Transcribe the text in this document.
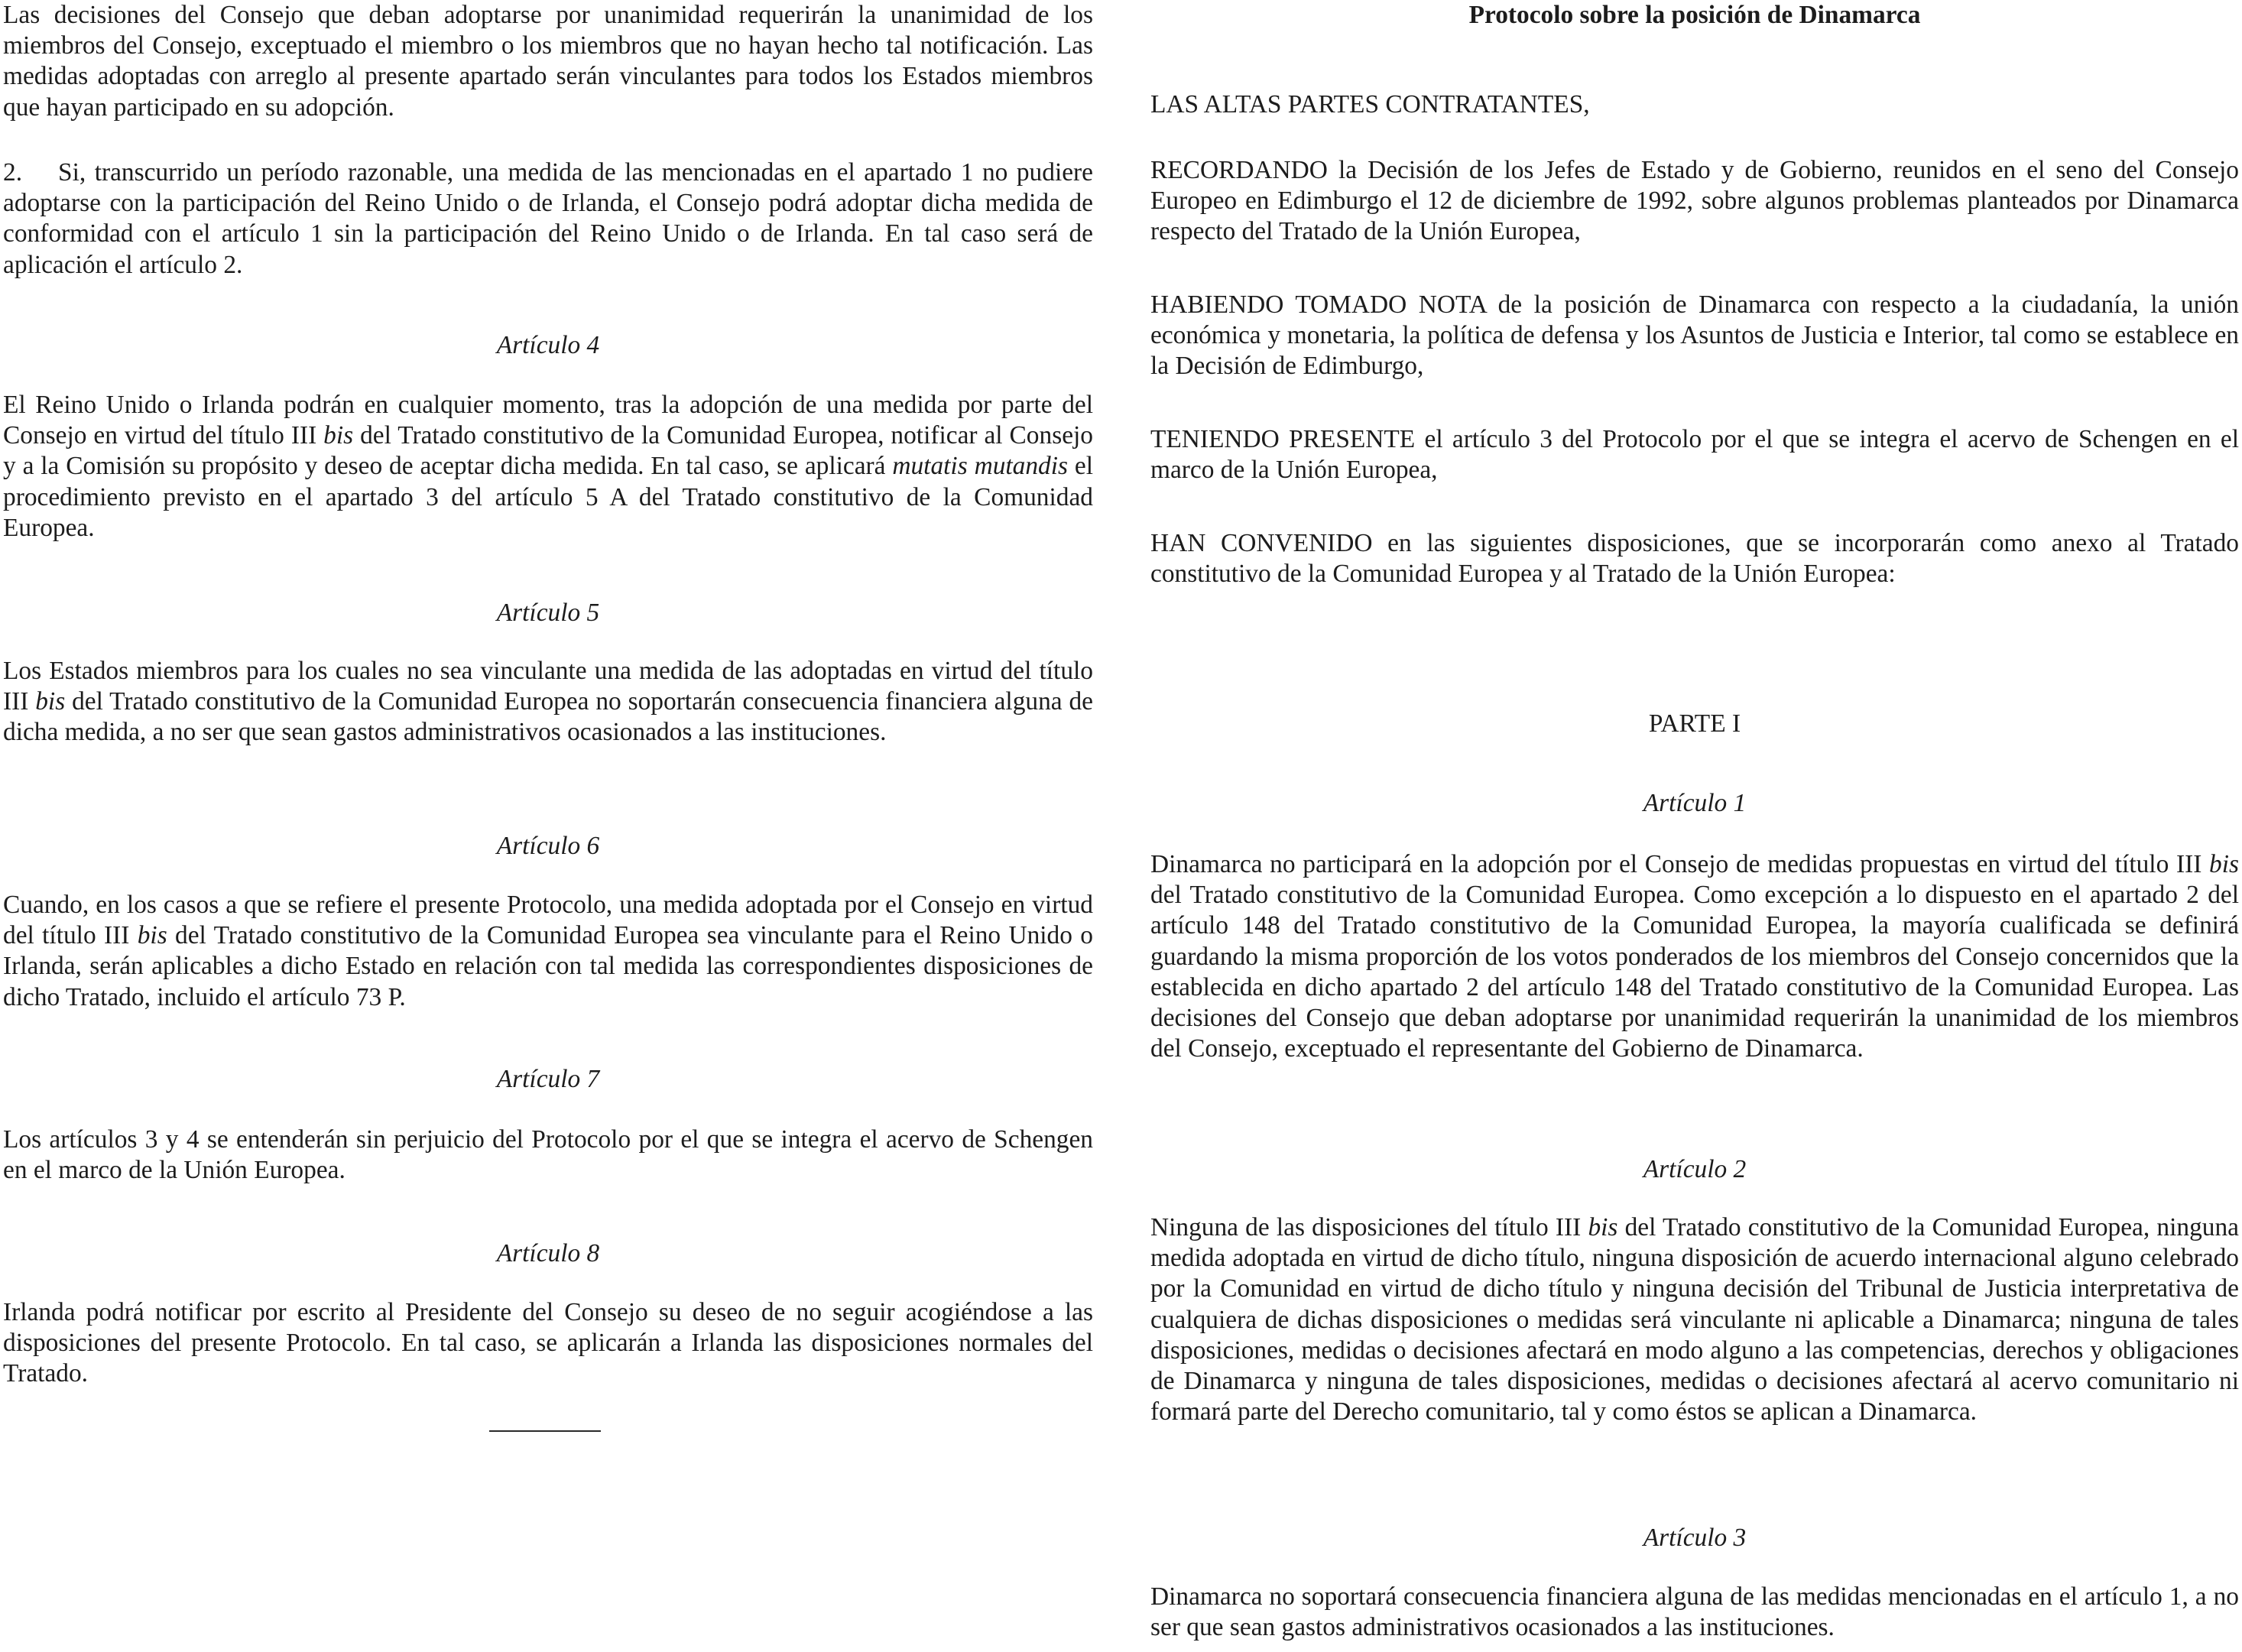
Las decisiones del Consejo que deban adoptarse por unanimidad requerirán la unanimidad de los miembros del Consejo, exceptuado el miembro o los miembros que no hayan hecho tal notificación. Las medidas adoptadas con arreglo al presente apartado serán vinculantes para todos los Estados miembros que hayan participado en su adopción.

2. Si, transcurrido un período razonable, una medida de las mencionadas en el apartado 1 no pudiere adoptarse con la participación del Reino Unido o de Irlanda, el Consejo podrá adoptar dicha medida de conformidad con el artículo 1 sin la participación del Reino Unido o de Irlanda. En tal caso será de aplicación el artículo 2.

Artículo 4

El Reino Unido o Irlanda podrán en cualquier momento, tras la adopción de una medida por parte del Consejo en virtud del título III bis del Tratado constitutivo de la Comunidad Europea, notificar al Consejo y a la Comisión su propósito y deseo de aceptar dicha medida. En tal caso, se aplicará mutatis mutandis el procedimiento previsto en el apartado 3 del artículo 5 A del Tratado constitutivo de la Comunidad Europea.

Artículo 5

Los Estados miembros para los cuales no sea vinculante una medida de las adoptadas en virtud del título III bis del Tratado constitutivo de la Comunidad Europea no soportarán consecuencia financiera alguna de dicha medida, a no ser que sean gastos administrativos ocasionados a las instituciones.

Artículo 6

Cuando, en los casos a que se refiere el presente Protocolo, una medida adoptada por el Consejo en virtud del título III bis del Tratado constitutivo de la Comunidad Europea sea vinculante para el Reino Unido o Irlanda, serán aplicables a dicho Estado en relación con tal medida las correspondientes disposiciones de dicho Tratado, incluido el artículo 73 P.

Artículo 7

Los artículos 3 y 4 se entenderán sin perjuicio del Protocolo por el que se integra el acervo de Schengen en el marco de la Unión Europea.

Artículo 8

Irlanda podrá notificar por escrito al Presidente del Consejo su deseo de no seguir acogiéndose a las disposiciones del presente Protocolo. En tal caso, se aplicarán a Irlanda las disposiciones normales del Tratado.

Protocolo sobre la posición de Dinamarca

LAS ALTAS PARTES CONTRATANTES,

RECORDANDO la Decisión de los Jefes de Estado y de Gobierno, reunidos en el seno del Consejo Europeo en Edimburgo el 12 de diciembre de 1992, sobre algunos problemas planteados por Dinamarca respecto del Tratado de la Unión Europea,

HABIENDO TOMADO NOTA de la posición de Dinamarca con respecto a la ciudadanía, la unión económica y monetaria, la política de defensa y los Asuntos de Justicia e Interior, tal como se establece en la Decisión de Edimburgo,

TENIENDO PRESENTE el artículo 3 del Protocolo por el que se integra el acervo de Schengen en el marco de la Unión Europea,

HAN CONVENIDO en las siguientes disposiciones, que se incorporarán como anexo al Tratado constitutivo de la Comunidad Europea y al Tratado de la Unión Europea:

PARTE I

Artículo 1

Dinamarca no participará en la adopción por el Consejo de medidas propuestas en virtud del título III bis del Tratado constitutivo de la Comunidad Europea. Como excepción a lo dispuesto en el apartado 2 del artículo 148 del Tratado constitutivo de la Comunidad Europea, la mayoría cualificada se definirá guardando la misma proporción de los votos ponderados de los miembros del Consejo concernidos que la establecida en dicho apartado 2 del artículo 148 del Tratado constitutivo de la Comunidad Europea. Las decisiones del Consejo que deban adoptarse por unanimidad requerirán la unanimidad de los miembros del Consejo, exceptuado el representante del Gobierno de Dinamarca.

Artículo 2

Ninguna de las disposiciones del título III bis del Tratado constitutivo de la Comunidad Europea, ninguna medida adoptada en virtud de dicho título, ninguna disposición de acuerdo internacional alguno celebrado por la Comunidad en virtud de dicho título y ninguna decisión del Tribunal de Justicia interpretativa de cualquiera de dichas disposiciones o medidas será vinculante ni aplicable a Dinamarca; ninguna de tales disposiciones, medidas o decisiones afectará en modo alguno a las competencias, derechos y obligaciones de Dinamarca y ninguna de tales disposiciones, medidas o decisiones afectará al acervo comunitario ni formará parte del Derecho comunitario, tal y como éstos se aplican a Dinamarca.

Artículo 3

Dinamarca no soportará consecuencia financiera alguna de las medidas mencionadas en el artículo 1, a no ser que sean gastos administrativos ocasionados a las instituciones.
